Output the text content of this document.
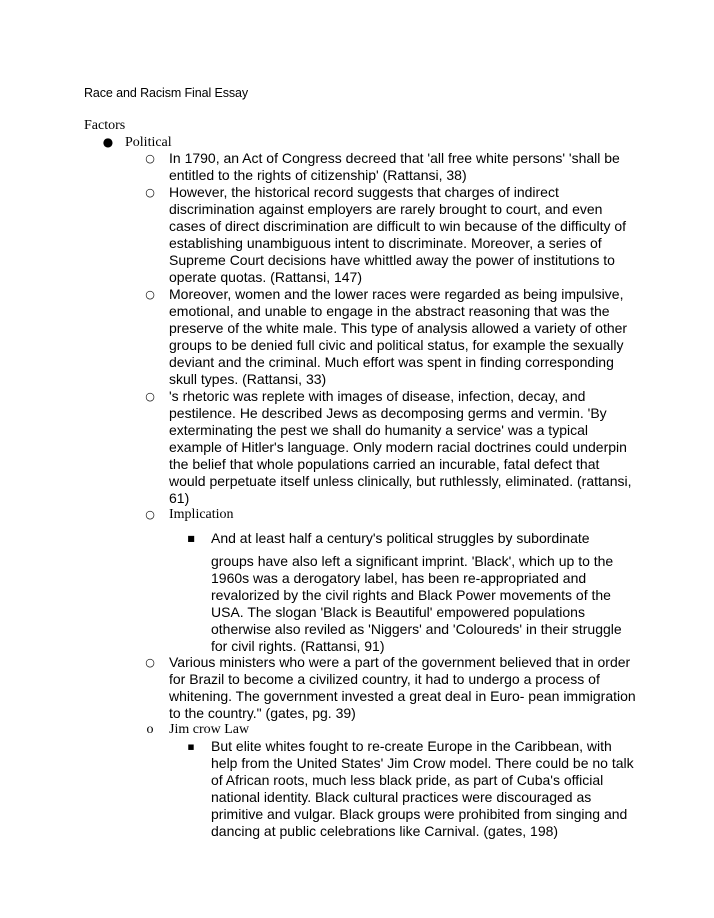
Race and Racism Final Essay
Factors
● Political
○ In 1790, an Act of Congress decreed that 'all free white persons' 'shall be entitled to the rights of citizenship' (Rattansi, 38)
○ However, the historical record suggests that charges of indirect discrimination against employers are rarely brought to court, and even cases of direct discrimination are difficult to win because of the difficulty of establishing unambiguous intent to discriminate. Moreover, a series of Supreme Court decisions have whittled away the power of institutions to operate quotas. (Rattansi, 147)
○ Moreover, women and the lower races were regarded as being impulsive, emotional, and unable to engage in the abstract reasoning that was the preserve of the white male. This type of analysis allowed a variety of other groups to be denied full civic and political status, for example the sexually deviant and the criminal. Much effort was spent in finding corresponding skull types. (Rattansi, 33)
○ 's rhetoric was replete with images of disease, infection, decay, and pestilence. He described Jews as decomposing germs and vermin. 'By exterminating the pest we shall do humanity a service' was a typical example of Hitler's language. Only modern racial doctrines could underpin the belief that whole populations carried an incurable, fatal defect that would perpetuate itself unless clinically, but ruthlessly, eliminated. (rattansi, 61)
○ Implication
■ And at least half a century's political struggles by subordinate
groups have also left a significant imprint. 'Black', which up to the 1960s was a derogatory label, has been re-appropriated and revalorized by the civil rights and Black Power movements of the USA. The slogan 'Black is Beautiful' empowered populations otherwise also reviled as 'Niggers' and 'Coloureds' in their struggle for civil rights. (Rattansi, 91)
○ Various ministers who were a part of the government believed that in order for Brazil to become a civilized country, it had to undergo a process of whitening. The government invested a great deal in Euro- pean immigration to the country." (gates, pg. 39)
o Jim crow Law
▪ But elite whites fought to re-create Europe in the Caribbean, with help from the United States' Jim Crow model. There could be no talk of African roots, much less black pride, as part of Cuba's official national identity. Black cultural practices were discouraged as primitive and vulgar. Black groups were prohibited from singing and dancing at public celebrations like Carnival. (gates, 198)
